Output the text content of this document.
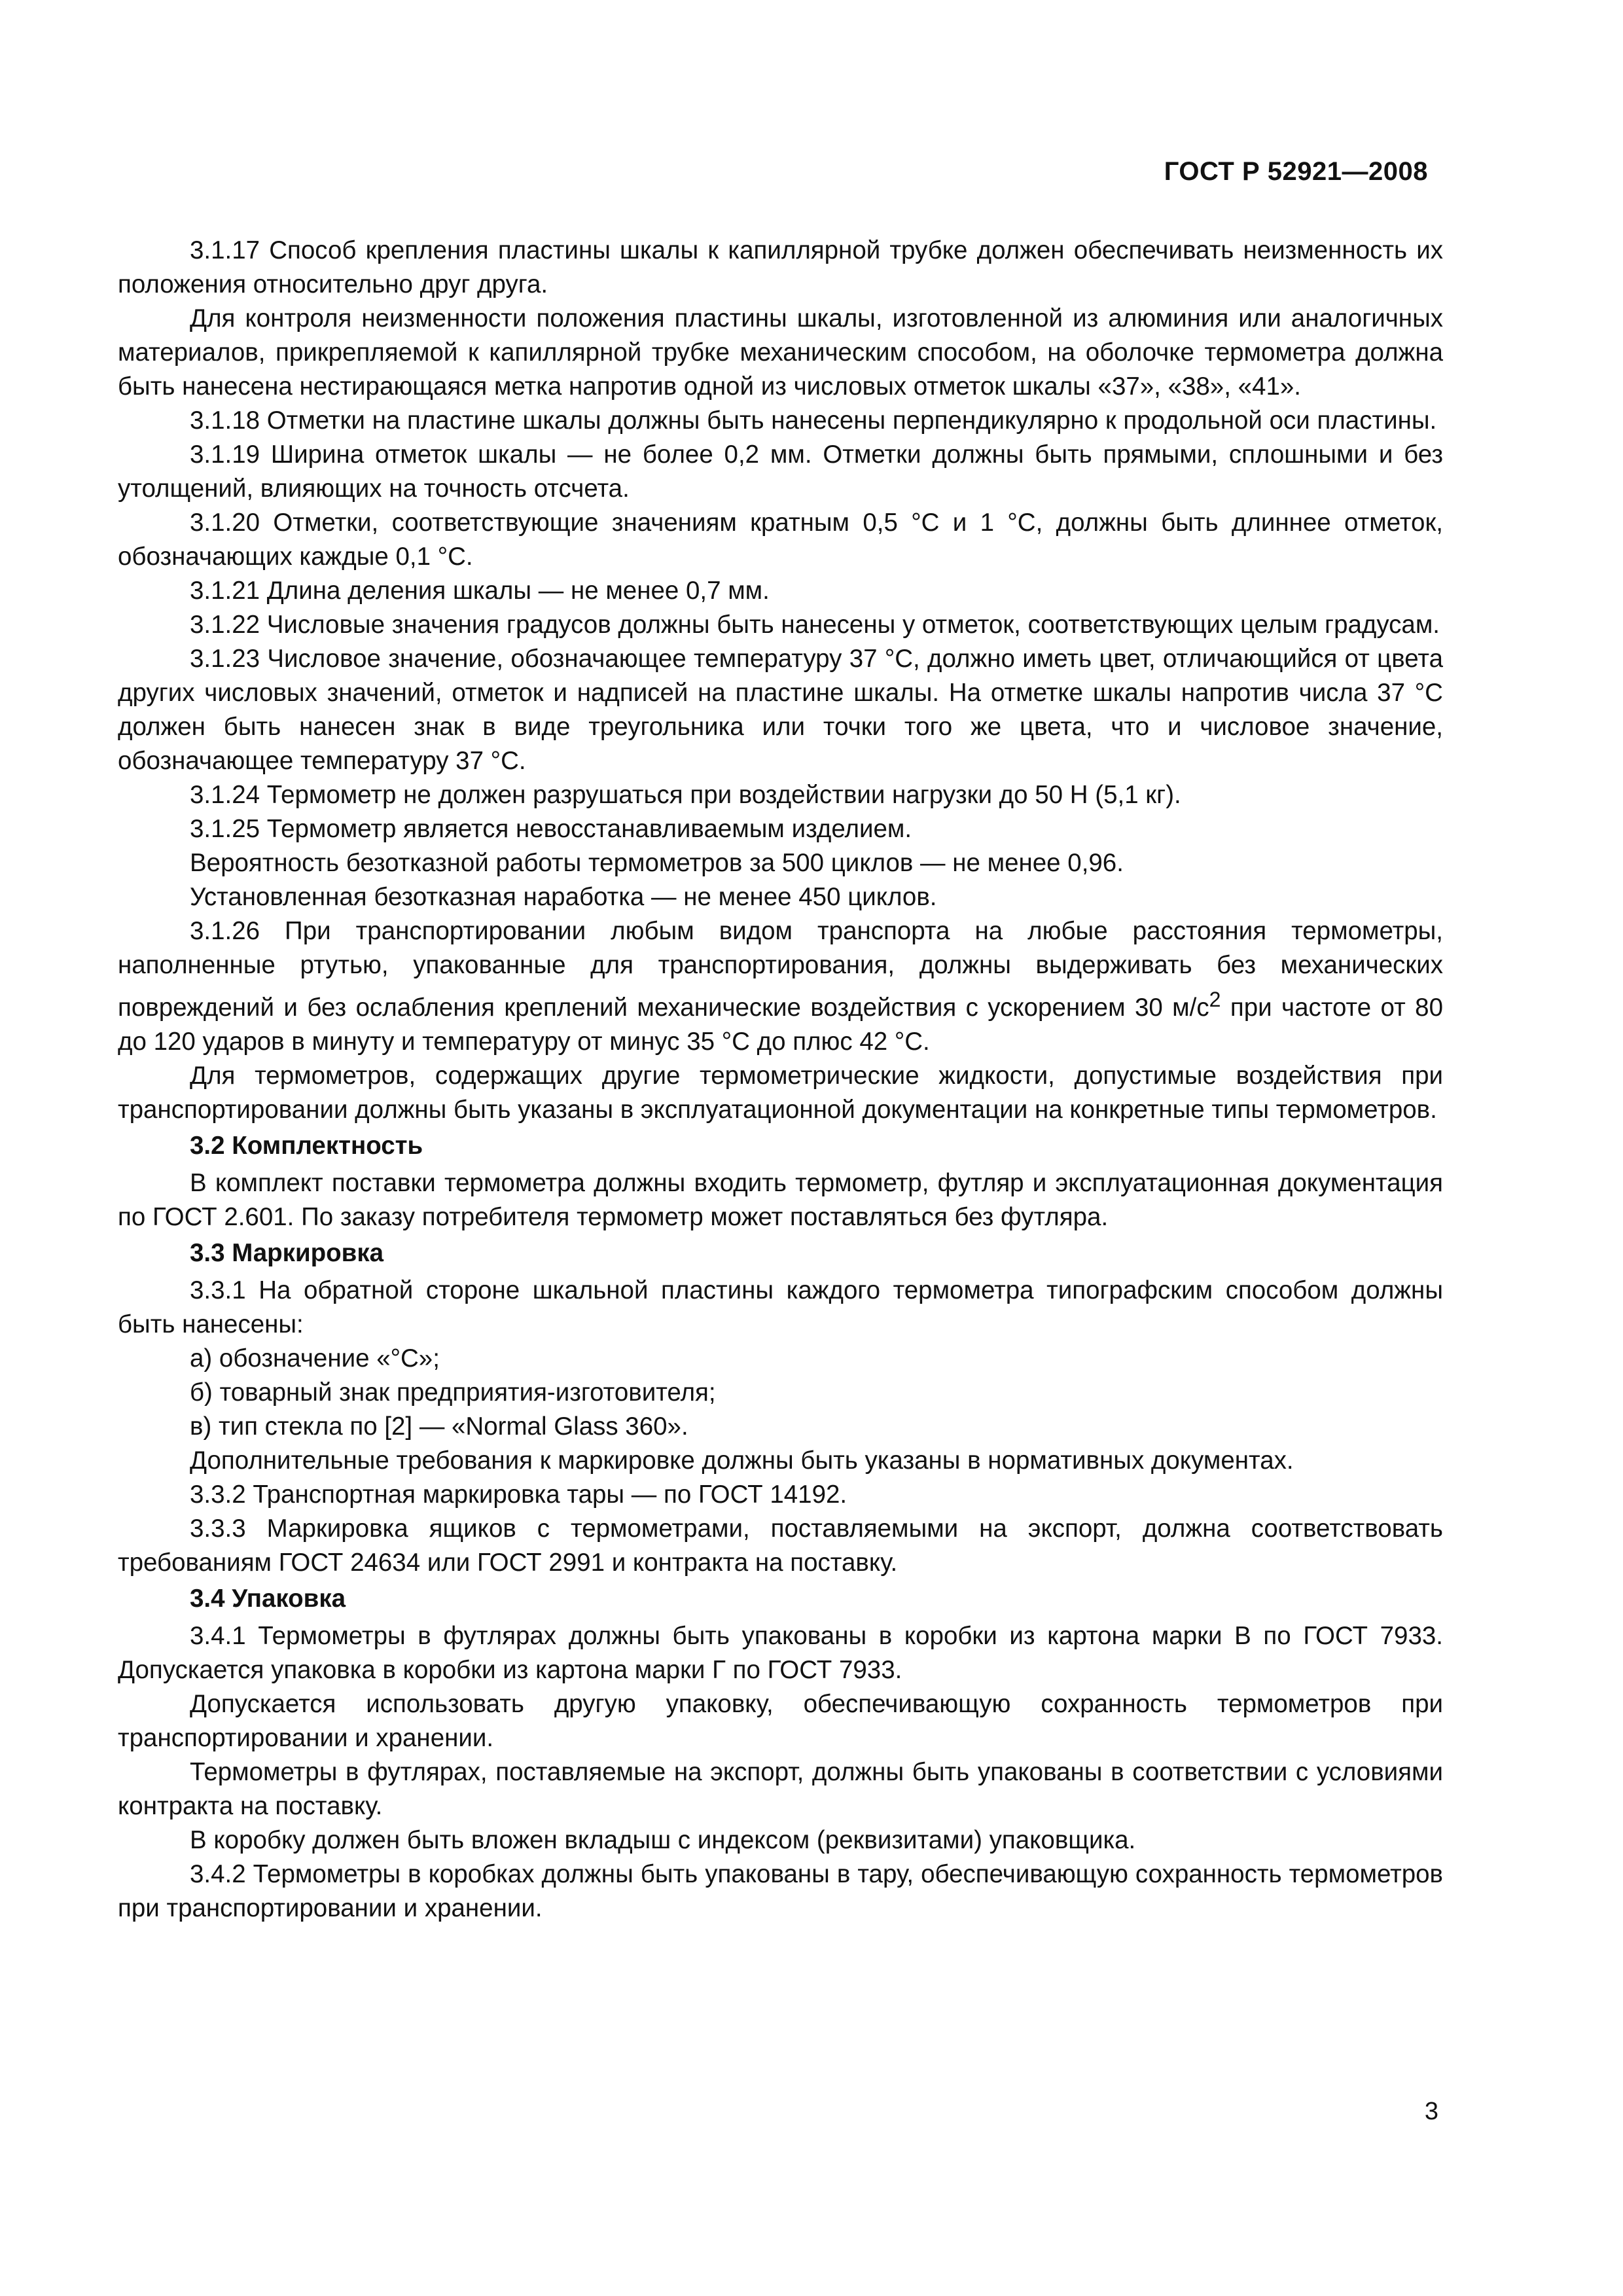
ГОСТ Р 52921—2008

3.1.17 Способ крепления пластины шкалы к капиллярной трубке должен обеспечивать неизменность их положения относительно друг друга.

Для контроля неизменности положения пластины шкалы, изготовленной из алюминия или аналогичных материалов, прикрепляемой к капиллярной трубке механическим способом, на оболочке термометра должна быть нанесена нестирающаяся метка напротив одной из числовых отметок шкалы «37», «38», «41».

3.1.18 Отметки на пластине шкалы должны быть нанесены перпендикулярно к продольной оси пластины.

3.1.19 Ширина отметок шкалы — не более 0,2 мм. Отметки должны быть прямыми, сплошными и без утолщений, влияющих на точность отсчета.

3.1.20 Отметки, соответствующие значениям кратным 0,5 °С и 1 °С, должны быть длиннее отметок, обозначающих каждые 0,1 °С.

3.1.21 Длина деления шкалы — не менее 0,7 мм.

3.1.22 Числовые значения градусов должны быть нанесены у отметок, соответствующих целым градусам.

3.1.23 Числовое значение, обозначающее температуру 37 °С, должно иметь цвет, отличающийся от цвета других числовых значений, отметок и надписей на пластине шкалы. На отметке шкалы напротив числа 37 °С должен быть нанесен знак в виде треугольника или точки того же цвета, что и числовое значение, обозначающее температуру 37 °С.

3.1.24 Термометр не должен разрушаться при воздействии нагрузки до 50 Н (5,1 кг).

3.1.25 Термометр является невосстанавливаемым изделием.

Вероятность безотказной работы термометров за 500 циклов — не менее 0,96.

Установленная безотказная наработка — не менее 450 циклов.

3.1.26 При транспортировании любым видом транспорта на любые расстояния термометры, наполненные ртутью, упакованные для транспортирования, должны выдерживать без механических повреждений и без ослабления креплений механические воздействия с ускорением 30 $м/с^2$ при частоте от 80 до 120 ударов в минуту и температуру от минус 35 °С до плюс 42 °С.

Для термометров, содержащих другие термометрические жидкости, допустимые воздействия при транспортировании должны быть указаны в эксплуатационной документации на конкретные типы термометров.

3.2 Комплектность

В комплект поставки термометра должны входить термометр, футляр и эксплуатационная документация по ГОСТ 2.601. По заказу потребителя термометр может поставляться без футляра.

3.3 Маркировка

3.3.1 На обратной стороне шкальной пластины каждого термометра типографским способом должны быть нанесены:

а) обозначение «°С»;

б) товарный знак предприятия-изготовителя;

в) тип стекла по [2] — «Normal Glass 360».

Дополнительные требования к маркировке должны быть указаны в нормативных документах.

3.3.2 Транспортная маркировка тары — по ГОСТ 14192.

3.3.3 Маркировка ящиков с термометрами, поставляемыми на экспорт, должна соответствовать требованиям ГОСТ 24634 или ГОСТ 2991 и контракта на поставку.

3.4 Упаковка

3.4.1 Термометры в футлярах должны быть упакованы в коробки из картона марки В по ГОСТ 7933. Допускается упаковка в коробки из картона марки Г по ГОСТ 7933.

Допускается использовать другую упаковку, обеспечивающую сохранность термометров при транспортировании и хранении.

Термометры в футлярах, поставляемые на экспорт, должны быть упакованы в соответствии с условиями контракта на поставку.

В коробку должен быть вложен вкладыш с индексом (реквизитами) упаковщика.

3.4.2 Термометры в коробках должны быть упакованы в тару, обеспечивающую сохранность термометров при транспортировании и хранении.

3
